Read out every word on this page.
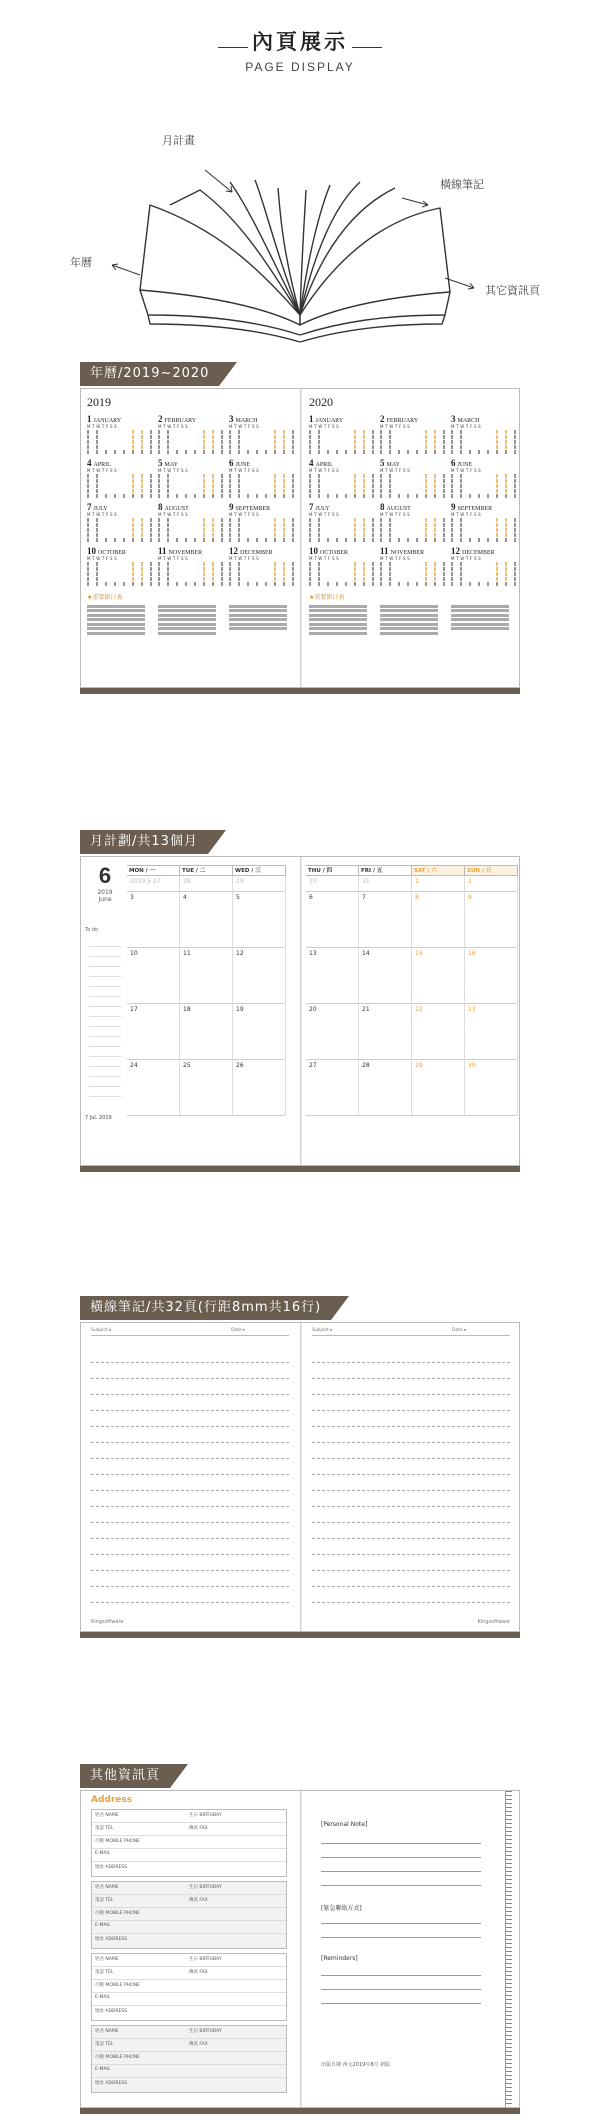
內頁展示
PAGE DISPLAY
月計畫
橫線筆記
年曆
其它資訊頁
年曆/2019~2020
2019
1 JANUARY
M T W T F S S
2 FEBRUARY
M T W T F S S
3 MARCH
M T W T F S S
4 APRIL
M T W T F S S
5 MAY
M T W T F S S
6 JUNE
M T W T F S S
7 JULY
M T W T F S S
8 AUGUST
M T W T F S S
9 SEPTEMBER
M T W T F S S
10 OCTOBER
M T W T F S S
11 NOVEMBER
M T W T F S S
12 DECEMBER
M T W T F S S
★重要節日表
2020
1 JANUARY
M T W T F S S
2 FEBRUARY
M T W T F S S
3 MARCH
M T W T F S S
4 APRIL
M T W T F S S
5 MAY
M T W T F S S
6 JUNE
M T W T F S S
7 JULY
M T W T F S S
8 AUGUST
M T W T F S S
9 SEPTEMBER
M T W T F S S
10 OCTOBER
M T W T F S S
11 NOVEMBER
M T W T F S S
12 DECEMBER
M T W T F S S
★重要節日表
月計劃/共13個月
6
2019
June
To do
7 Jul. 2019
MON / 一	TUE / 二	WED / 三
2019 5 27	28	29
3	4	5
10	11	12
17	18	19
24	25	26
THU / 四	FRI / 五	SAT / 六	SUN / 日
30	31	1	2
6	7	8	9
13	14	15	16
20	21	22	23
27	28	29	30
橫線筆記/共32頁(行距8mm共16行)
Subject ▸	Date ▸
Kingsoftware
Subject ▸	Date ▸
Kingsoftware
其他資訊頁
Address
姓名 NAME	生日 BIRTHDAY
電話 TEL	傳真 FAX
行動 MOBILE PHONE
E-MAIL
地址 ADDRESS
姓名 NAME	生日 BIRTHDAY
電話 TEL	傳真 FAX
行動 MOBILE PHONE
E-MAIL
地址 ADDRESS
姓名 NAME	生日 BIRTHDAY
電話 TEL	傳真 FAX
行動 MOBILE PHONE
E-MAIL
地址 ADDRESS
姓名 NAME	生日 BIRTHDAY
電話 TEL	傳真 FAX
行動 MOBILE PHONE
E-MAIL
地址 ADDRESS
[Personal Note]
[緊急聯絡方式]
[Reminders]
出版日期 西元2019年8月 初版
